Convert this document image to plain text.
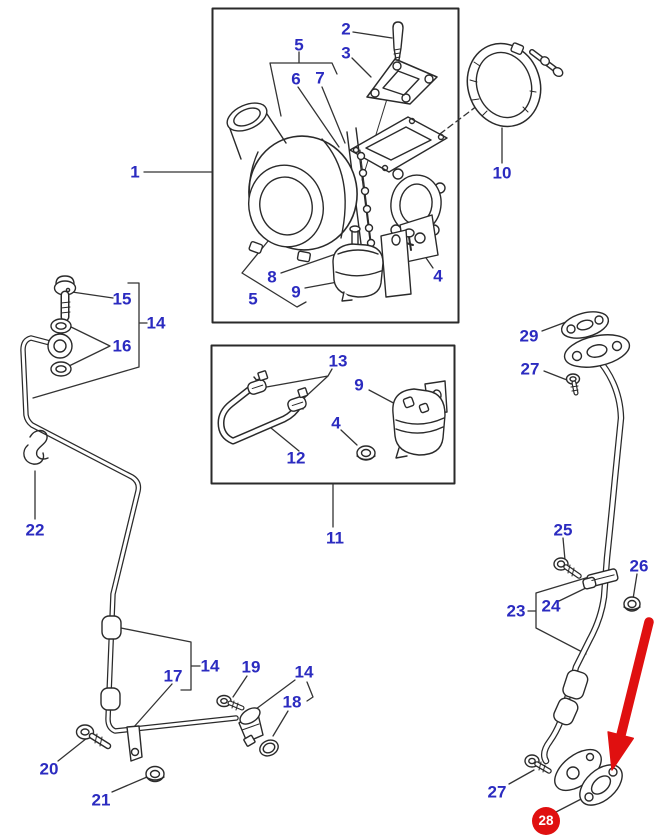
1
2
3
5
6 7
8
9
5
4
10
13
9
12
4
11
15
16
14
22
17
14 19 14
18
20
21
29
27
25
26
23 24
27
28
